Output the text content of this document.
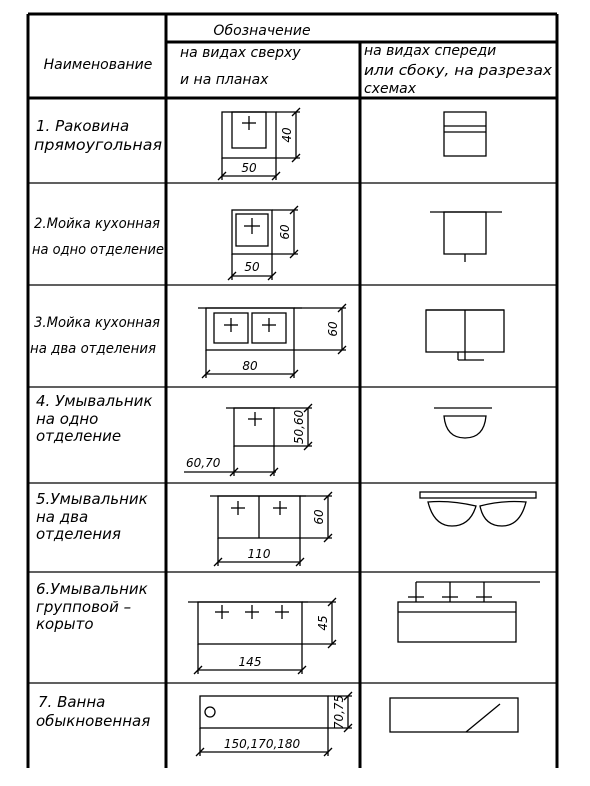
Обозначение
Наименование
на видах сверху
и на планах
на видах спереди
или сбоку, на разрезах
схемах
1. Раковина
прямоугольная
2.Мойка кухонная
на одно отделение
3.Мойка кухонная
на два отделения
4. Умывальник
на одно
отделение
5.Умывальник
на два
отделения
6.Умывальник
групповой –
корыто
7. Ванна
обыкновенная
40
50
60
50
60
80
50,60
60,70
60
110
45
145
70,75
150,170,180
